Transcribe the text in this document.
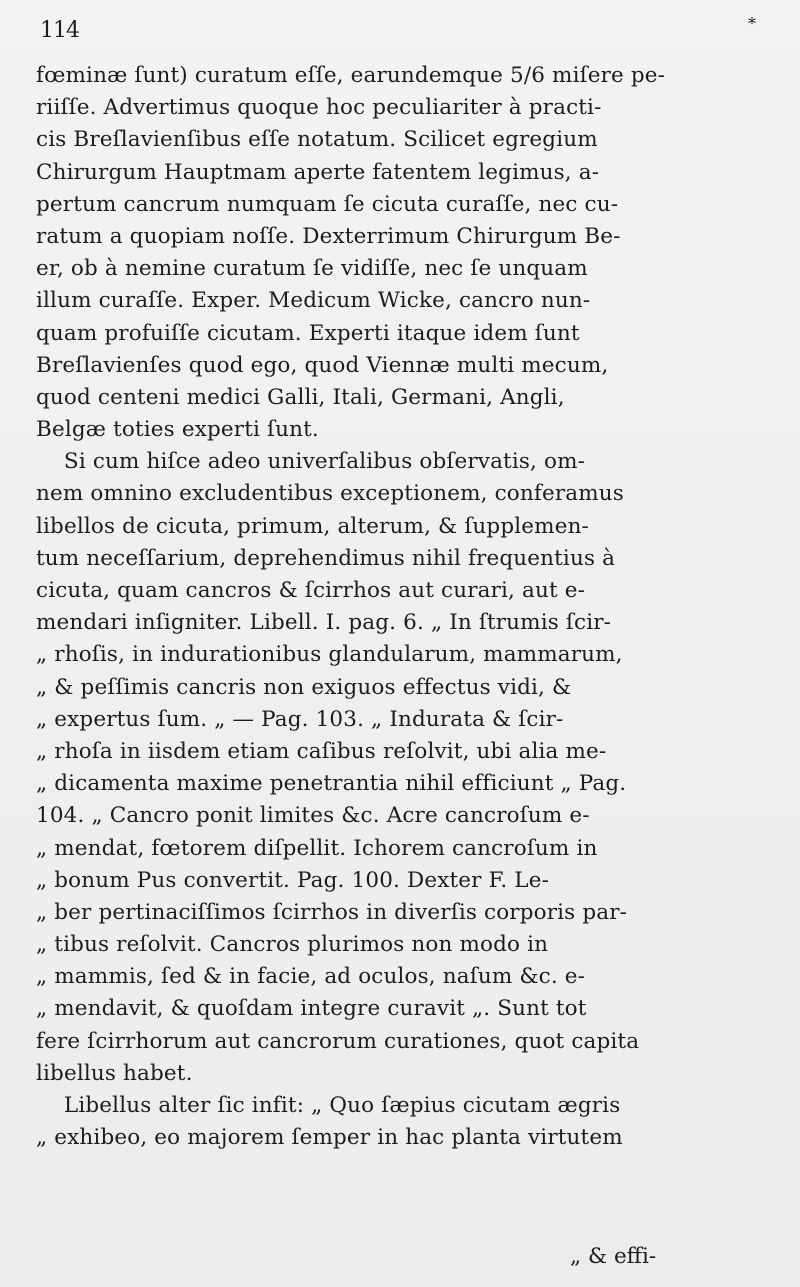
114	*
fœminæ ſunt) curatum eſſe, earundemque 5/6 miſere pe-
riiſſe. Advertimus quoque hoc peculiariter à practi-
cis Breſlavienſibus eſſe notatum. Scilicet egregium
Chirurgum Hauptmam aperte fatentem legimus, a-
pertum cancrum numquam ſe cicuta curaſſe, nec cu-
ratum a quopiam noſſe. Dexterrimum Chirurgum Be-
er, ob à nemine curatum ſe vidiſſe, nec ſe unquam
illum curaſſe. Exper. Medicum Wicke, cancro nun-
quam profuiſſe cicutam. Experti itaque idem ſunt
Breſlavienſes quod ego, quod Viennæ multi mecum,
quod centeni medici Galli, Itali, Germani, Angli,
Belgæ toties experti ſunt.
Si cum hiſce adeo univerſalibus obſervatis, om-
nem omnino excludentibus exceptionem, conferamus
libellos de cicuta, primum, alterum, & ſupplemen-
tum neceſſarium, deprehendimus nihil frequentius à
cicuta, quam cancros & ſcirrhos aut curari, aut e-
mendari inſigniter. Libell. I. pag. 6. „ In ſtrumis ſcir-
„ rhoſis, in indurationibus glandularum, mammarum,
„ & peſſimis cancris non exiguos effectus vidi, &
„ expertus ſum. „ — Pag. 103. „ Indurata & ſcir-
„ rhoſa in iisdem etiam caſibus reſolvit, ubi alia me-
„ dicamenta maxime penetrantia nihil efficiunt „ Pag.
104. „ Cancro ponit limites &c. Acre cancroſum e-
„ mendat, fœtorem diſpellit. Ichorem cancroſum in
„ bonum Pus convertit. Pag. 100. Dexter F. Le-
„ ber pertinaciſſimos ſcirrhos in diverſis corporis par-
„ tibus reſolvit. Cancros plurimos non modo in
„ mammis, ſed & in facie, ad oculos, naſum &c. e-
„ mendavit, & quoſdam integre curavit „. Sunt tot
fere ſcirrhorum aut cancrorum curationes, quot capita
libellus habet.
Libellus alter ſic infit: „ Quo ſæpius cicutam ægris
„ exhibeo, eo majorem ſemper in hac planta virtutem
„ & effi-
